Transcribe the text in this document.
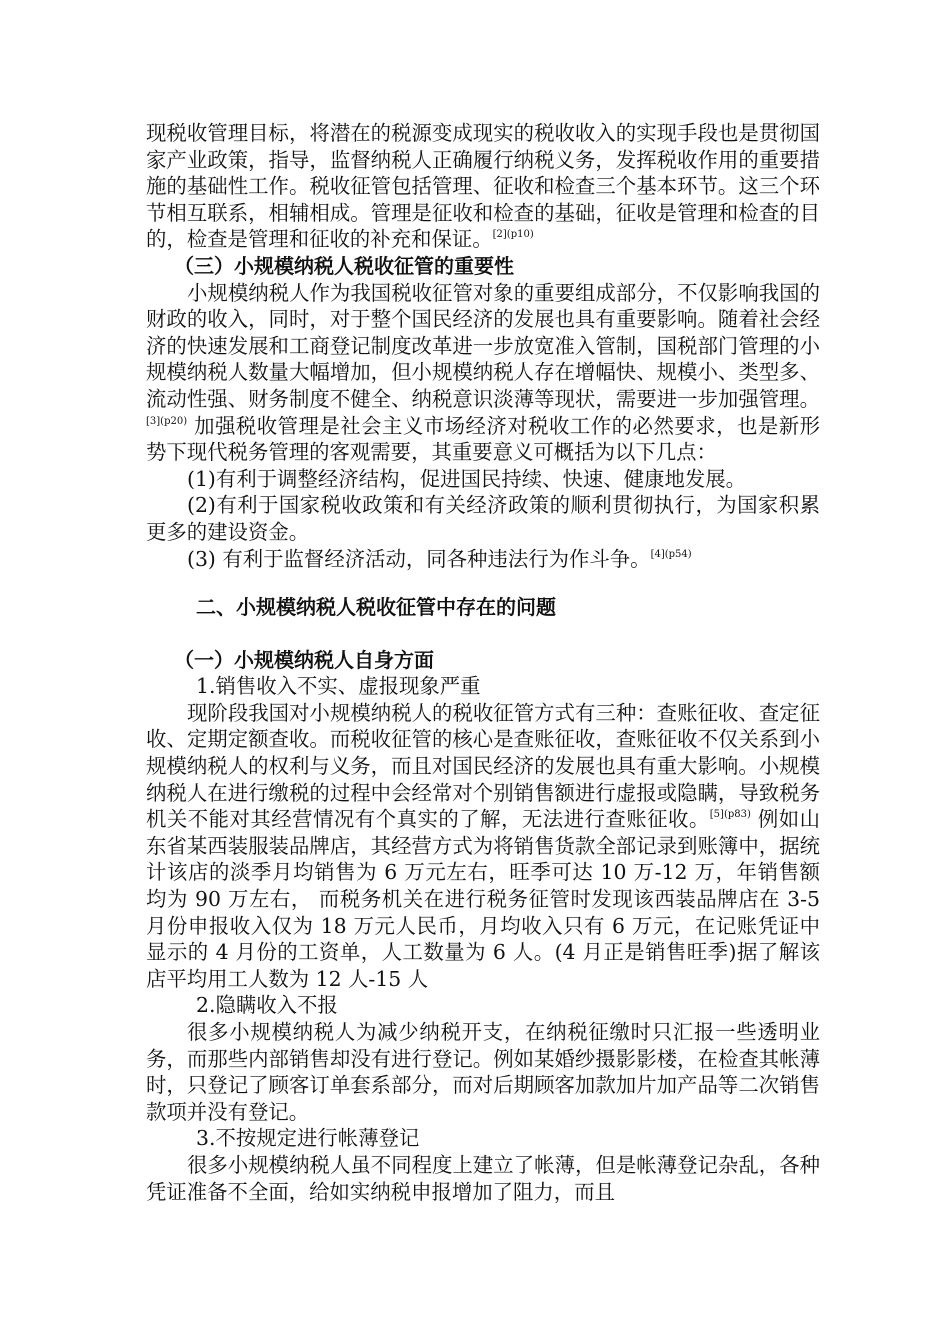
现税收管理目标，将潜在的税源变成现实的税收收入的实现手段也是贯彻国家产业政策，指导，监督纳税人正确履行纳税义务，发挥税收作用的重要措施的基础性工作。税收征管包括管理、征收和检查三个基本环节。这三个环节相互联系，相辅相成。管理是征收和检查的基础，征收是管理和检查的目的，检查是管理和征收的补充和保证。$^{[2](p10)}$

（三）小规模纳税人税收征管的重要性

小规模纳税人作为我国税收征管对象的重要组成部分，不仅影响我国的财政的收入，同时，对于整个国民经济的发展也具有重要影响。随着社会经济的快速发展和工商登记制度改革进一步放宽准入管制，国税部门管理的小规模纳税人数量大幅增加，但小规模纳税人存在增幅快、规模小、类型多、流动性强、财务制度不健全、纳税意识淡薄等现状，需要进一步加强管理。$^{[3](p20)}$ 加强税收管理是社会主义市场经济对税收工作的必然要求，也是新形势下现代税务管理的客观需要，其重要意义可概括为以下几点：

(1)有利于调整经济结构，促进国民持续、快速、健康地发展。

(2)有利于国家税收政策和有关经济政策的顺利贯彻执行，为国家积累更多的建设资金。

(3) 有利于监督经济活动，同各种违法行为作斗争。$^{[4](p54)}$

二、小规模纳税人税收征管中存在的问题

（一）小规模纳税人自身方面

1.销售收入不实、虚报现象严重

现阶段我国对小规模纳税人的税收征管方式有三种：查账征收、查定征收、定期定额查收。而税收征管的核心是查账征收，查账征收不仅关系到小规模纳税人的权利与义务，而且对国民经济的发展也具有重大影响。小规模纳税人在进行缴税的过程中会经常对个别销售额进行虚报或隐瞒，导致税务机关不能对其经营情况有个真实的了解，无法进行查账征收。$^{[5](p83)}$ 例如山东省某西装服装品牌店，其经营方式为将销售货款全部记录到账簿中，据统计该店的淡季月均销售为 6 万元左右，旺季可达 10 万-12 万，年销售额均为 90 万左右， 而税务机关在进行税务征管时发现该西装品牌店在 3-5 月份申报收入仅为 18 万元人民币，月均收入只有 6 万元，在记账凭证中显示的 4 月份的工资单，人工数量为 6 人。(4 月正是销售旺季)据了解该店平均用工人数为 12 人-15 人

2.隐瞒收入不报

很多小规模纳税人为减少纳税开支，在纳税征缴时只汇报一些透明业务，而那些内部销售却没有进行登记。例如某婚纱摄影影楼，在检查其帐薄时，只登记了顾客订单套系部分，而对后期顾客加款加片加产品等二次销售款项并没有登记。

3.不按规定进行帐薄登记

很多小规模纳税人虽不同程度上建立了帐薄，但是帐薄登记杂乱，各种凭证准备不全面，给如实纳税申报增加了阻力，而且
